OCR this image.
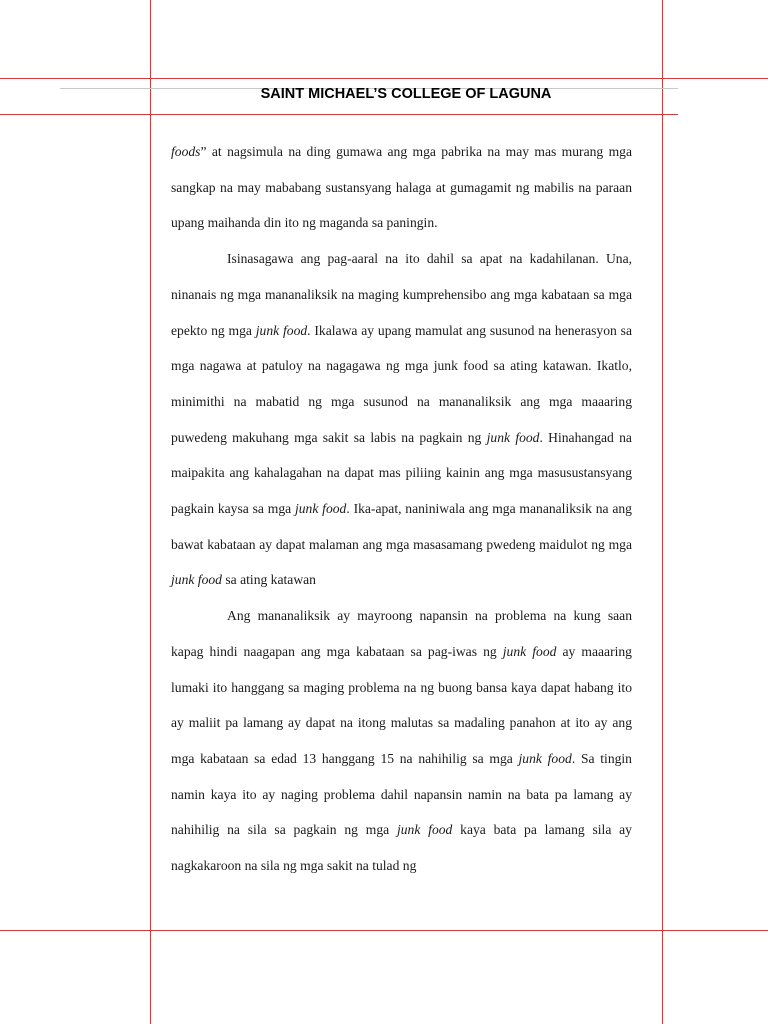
SAINT MICHAEL’S COLLEGE OF LAGUNA

foods” at nagsimula na ding gumawa ang mga pabrika na may mas murang mga sangkap na may mababang sustansyang halaga at gumagamit ng mabilis na paraan upang maihanda din ito ng maganda sa paningin.

Isinasagawa ang pag-aaral na ito dahil sa apat na kadahilanan. Una, ninanais ng mga mananaliksik na maging kumprehensibo ang mga kabataan sa mga epekto ng mga junk food. Ikalawa ay upang mamulat ang susunod na henerasyon sa mga nagawa at patuloy na nagagawa ng mga junk food sa ating katawan. Ikatlo, minimithi na mabatid ng mga susunod na mananaliksik ang mga maaaring puwedeng makuhang mga sakit sa labis na pagkain ng junk food. Hinahangad na maipakita ang kahalagahan na dapat mas piliing kainin ang mga masusustansyang pagkain kaysa sa mga junk food. Ika-apat, naniniwala ang mga mananaliksik na ang bawat kabataan ay dapat malaman ang mga masasamang pwedeng maidulot ng mga junk food sa ating katawan

Ang mananaliksik ay mayroong napansin na problema na kung saan kapag hindi naagapan ang mga kabataan sa pag-iwas ng junk food ay maaaring lumaki ito hanggang sa maging problema na ng buong bansa kaya dapat habang ito ay maliit pa lamang ay dapat na itong malutas sa madaling panahon at ito ay ang mga kabataan sa edad 13 hanggang 15 na nahihilig sa mga junk food. Sa tingin namin kaya ito ay naging problema dahil napansin namin na bata pa lamang ay nahihilig na sila sa pagkain ng mga junk food kaya bata pa lamang sila ay nagkakaroon na sila ng mga sakit na tulad ng
